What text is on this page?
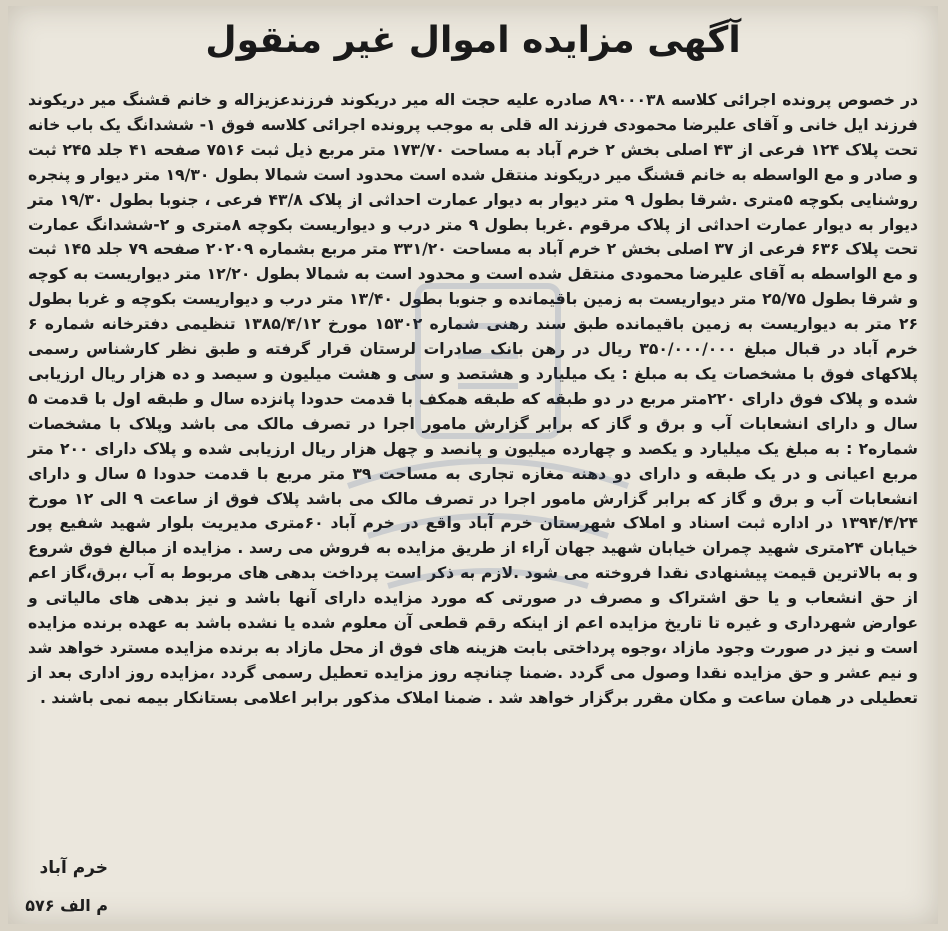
آگهی مزایده اموال غیر منقول
در خصوص پرونده اجرائی کلاسه ۸۹۰۰۰۳۸ صادره علیه حجت اله میر دریکوند فرزندعزیزاله و خانم قشنگ میر دریکوند فرزند ایل خانی و آقای علیرضا محمودی فرزند اله قلی به موجب پرونده اجرائی کلاسه فوق ۱- ششدانگ یک باب خانه تحت پلاک ۱۲۴ فرعی از ۴۳ اصلی بخش ۲ خرم آباد به مساحت ۱۷۳/۷۰ متر مربع ذیل ثبت ۷۵۱۶ صفحه ۴۱ جلد ۲۴۵ ثبت و صادر و مع الواسطه به خانم قشنگ میر دریکوند منتقل شده است محدود است شمالا بطول ۱۹/۳۰ متر دیوار و پنجره روشنایی بکوچه ۵متری .شرقا بطول ۹ متر دیوار به دیوار عمارت احداثی از پلاک ۴۳/۸ فرعی ، جنوبا بطول ۱۹/۳۰ متر دیوار به دیوار عمارت احداثی از پلاک مرقوم .غربا بطول ۹ متر درب و دیواریست بکوچه ۸متری و ۲-ششدانگ عمارت تحت پلاک ۶۳۶ فرعی از ۳۷ اصلی بخش ۲ خرم آباد به مساحت ۳۳۱/۲۰ متر مربع بشماره ۲۰۲۰۹ صفحه ۷۹ جلد ۱۴۵ ثبت و مع الواسطه به آقای علیرضا محمودی منتقل شده است و محدود است به شمالا بطول ۱۲/۲۰ متر دیواریست به کوچه و شرقا بطول ۲۵/۷۵ متر دیواریست به زمین باقیمانده و جنوبا بطول ۱۳/۴۰ متر درب و دیواریست بکوچه و غربا بطول ۲۶ متر به دیواریست به زمین باقیمانده طبق سند رهنی شماره ۱۵۳۰۲ مورخ ۱۳۸۵/۴/۱۲ تنظیمی دفترخانه شماره ۶ خرم آباد در قبال مبلغ ۳۵۰/۰۰۰/۰۰۰ ریال در رهن بانک صادرات لرستان قرار گرفته و طبق نظر کارشناس رسمی پلاکهای فوق با مشخصات یک به مبلغ : یک میلیارد و هشتصد و سی و هشت میلیون و سیصد و ده هزار ریال ارزیابی شده و پلاک فوق دارای ۲۲۰متر مربع در دو طبقه که طبقه همکف با قدمت حدودا پانزده سال و طبقه اول با قدمت ۵ سال و دارای انشعابات آب و برق و گاز که برابر گزارش مامور اجرا در تصرف مالک می باشد وپلاک با مشخصات شماره۲ : به مبلغ یک میلیارد و یکصد و چهارده میلیون و پانصد و چهل هزار ریال ارزیابی شده و پلاک دارای ۲۰۰ متر مربع اعیانی و در یک طبقه و دارای دو دهنه مغازه تجاری به مساحت ۳۹ متر مربع با قدمت حدودا ۵ سال و دارای انشعابات آب و برق و گاز که برابر گزارش مامور اجرا در تصرف مالک می باشد پلاک فوق از ساعت ۹ الی ۱۲ مورخ ۱۳۹۴/۴/۲۴ در اداره ثبت اسناد و املاک شهرستان خرم آباد واقع در خرم آباد ۶۰متری مدیریت بلوار شهید شفیع پور خیابان ۲۴متری شهید چمران خیابان شهید جهان آراء از طریق مزایده به فروش می رسد . مزایده از مبالغ فوق شروع و به بالاترین قیمت پیشنهادی نقدا فروخته می شود .لازم به ذکر است پرداخت بدهی های مربوط به آب ،برق،گاز اعم از حق انشعاب و یا حق اشتراک و مصرف در صورتی که مورد مزایده دارای آنها باشد و نیز بدهی های مالیاتی و عوارض شهرداری و غیره تا تاریخ مزایده اعم از اینکه رقم قطعی آن معلوم شده یا نشده باشد به عهده برنده مزایده است و نیز در صورت وجود مازاد ،وجوه پرداختی بابت هزینه های فوق از محل مازاد به برنده مزایده مسترد خواهد شد و نیم عشر و حق مزایده نقدا وصول می گردد .ضمنا چنانچه روز مزایده تعطیل رسمی گردد ،مزایده روز اداری بعد از تعطیلی در همان ساعت و مکان مقرر برگزار خواهد شد . ضمنا املاک مذکور برابر اعلامی بستانکار بیمه نمی باشند .
خرم آباد
م الف ۵۷۶
